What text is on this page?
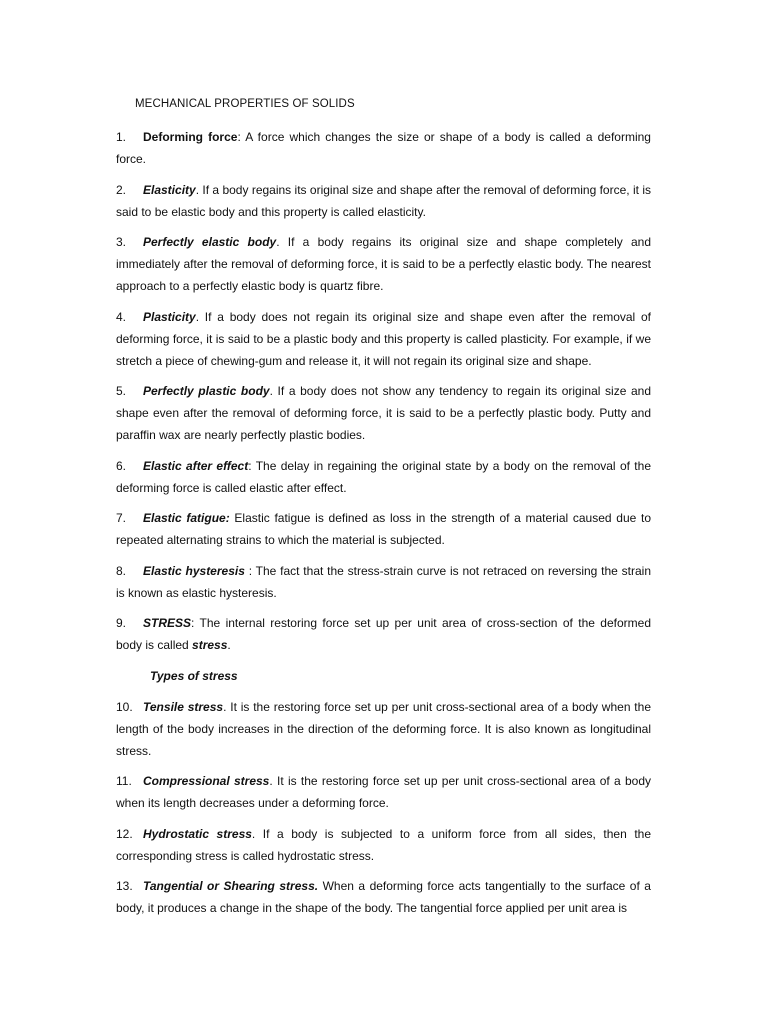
MECHANICAL PROPERTIES OF SOLIDS
1. Deforming force: A force which changes the size or shape of a body is called a deforming force.
2. Elasticity. If a body regains its original size and shape after the removal of deforming force, it is said to be elastic body and this property is called elasticity.
3. Perfectly elastic body. If a body regains its original size and shape completely and immediately after the removal of deforming force, it is said to be a perfectly elastic body. The nearest approach to a perfectly elastic body is quartz fibre.
4. Plasticity. If a body does not regain its original size and shape even after the removal of deforming force, it is said to be a plastic body and this property is called plasticity. For example, if we stretch a piece of chewing-gum and release it, it will not regain its original size and shape.
5. Perfectly plastic body. If a body does not show any tendency to regain its original size and shape even after the removal of deforming force, it is said to be a perfectly plastic body. Putty and paraffin wax are nearly perfectly plastic bodies.
6. Elastic after effect: The delay in regaining the original state by a body on the removal of the deforming force is called elastic after effect.
7. Elastic fatigue: Elastic fatigue is defined as loss in the strength of a material caused due to repeated alternating strains to which the material is subjected.
8. Elastic hysteresis : The fact that the stress-strain curve is not retraced on reversing the strain is known as elastic hysteresis.
9. STRESS: The internal restoring force set up per unit area of cross-section of the deformed body is called stress.
Types of stress
10. Tensile stress. It is the restoring force set up per unit cross-sectional area of a body when the length of the body increases in the direction of the deforming force. It is also known as longitudinal stress.
11. Compressional stress. It is the restoring force set up per unit cross-sectional area of a body when its length decreases under a deforming force.
12. Hydrostatic stress. If a body is subjected to a uniform force from all sides, then the corresponding stress is called hydrostatic stress.
13. Tangential or Shearing stress. When a deforming force acts tangentially to the surface of a body, it produces a change in the shape of the body. The tangential force applied per unit area is
